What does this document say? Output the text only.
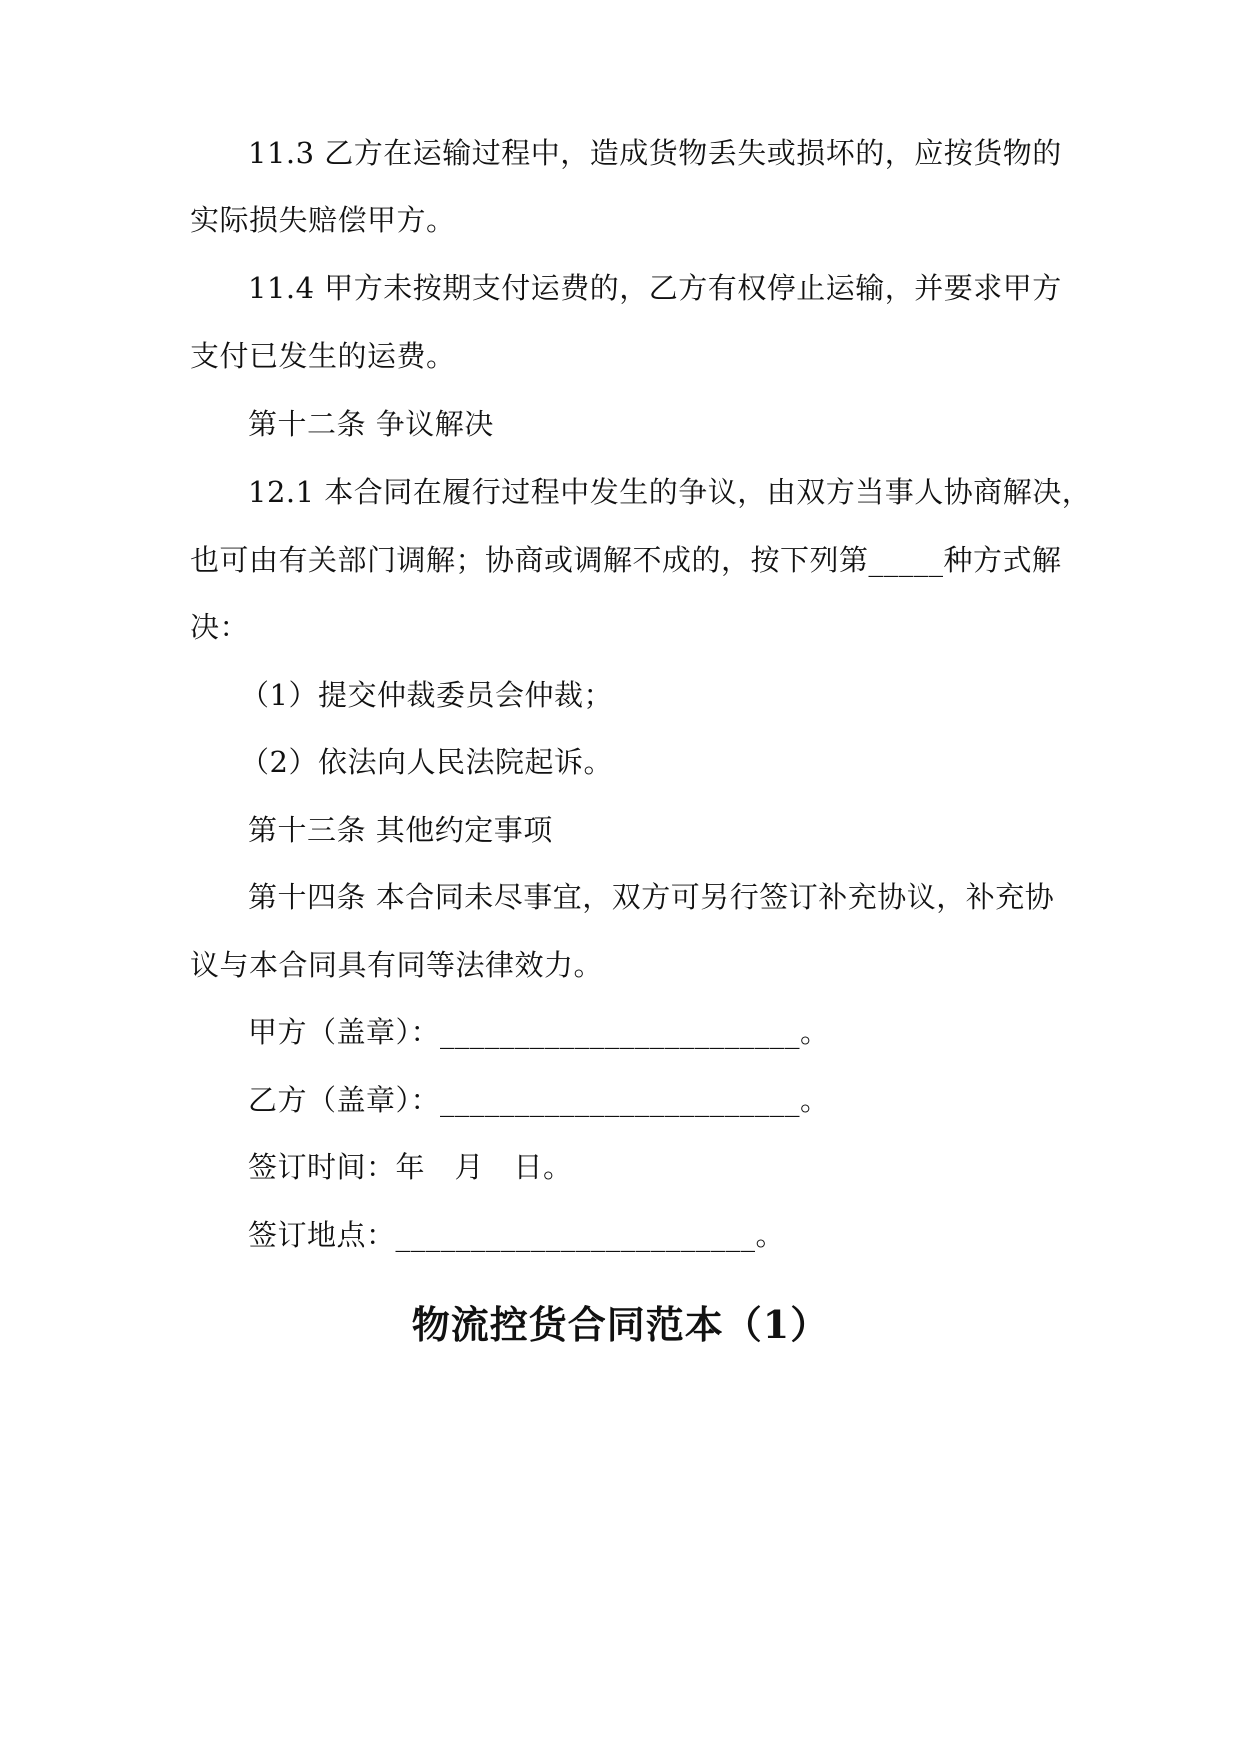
11.3 乙方在运输过程中，造成货物丢失或损坏的，应按货物的
实际损失赔偿甲方。
11.4 甲方未按期支付运费的，乙方有权停止运输，并要求甲方
支付已发生的运费。
第十二条 争议解决
12.1 本合同在履行过程中发生的争议，由双方当事人协商解决，
也可由有关部门调解；协商或调解不成的，按下列第_____种方式解
决：
（1）提交仲裁委员会仲裁；
（2）依法向人民法院起诉。
第十三条 其他约定事项
第十四条 本合同未尽事宜，双方可另行签订补充协议，补充协
议与本合同具有同等法律效力。
甲方（盖章）：________________________。
乙方（盖章）：________________________。
签订时间：年　月　日。
签订地点：________________________。
物流控货合同范本（1）
